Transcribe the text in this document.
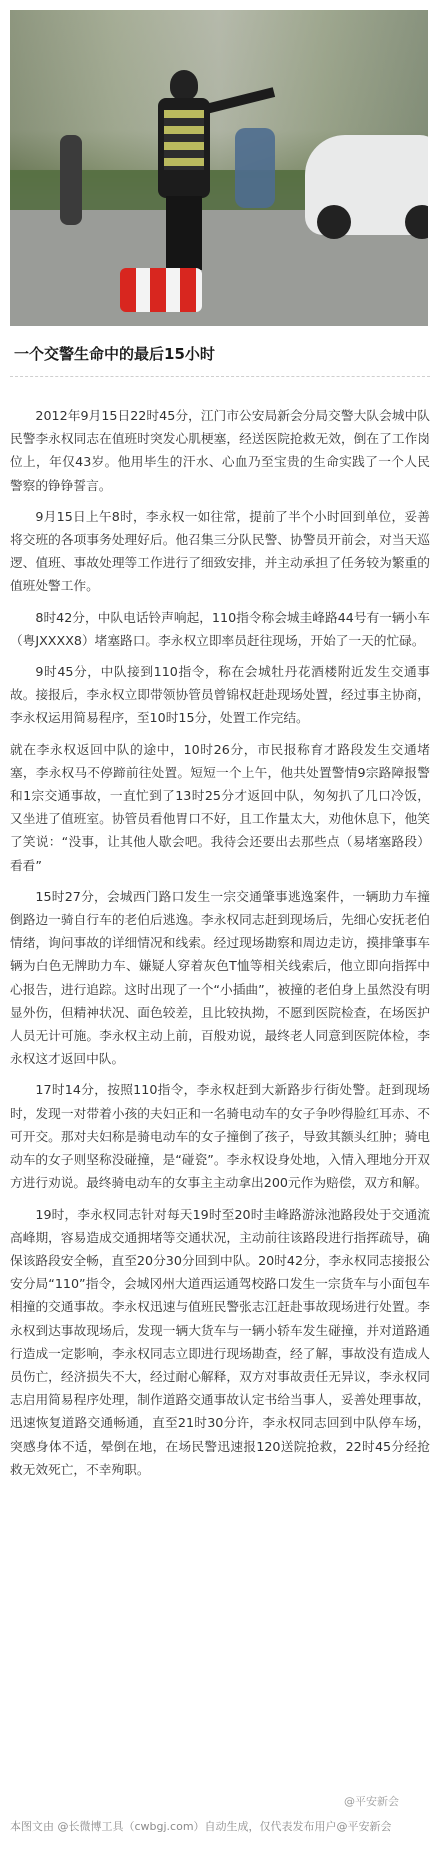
一个交警生命中的最后15小时

2012年9月15日22时45分，江门市公安局新会分局交警大队会城中队民警李永权同志在值班时突发心肌梗塞，经送医院抢救无效，倒在了工作岗位上，年仅43岁。他用毕生的汗水、心血乃至宝贵的生命实践了一个人民警察的铮铮誓言。

9月15日上午8时，李永权一如往常，提前了半个小时回到单位，妥善将交班的各项事务处理好后。他召集三分队民警、协警员开前会，对当天巡逻、值班、事故处理等工作进行了细致安排，并主动承担了任务较为繁重的值班处警工作。

8时42分，中队电话铃声响起，110指令称会城圭峰路44号有一辆小车（粤JXXXX8）堵塞路口。李永权立即率员赶往现场，开始了一天的忙碌。

9时45分，中队接到110指令，称在会城牡丹花酒楼附近发生交通事故。接报后，李永权立即带领协管员曾锦权赶赴现场处置，经过事主协商，李永权运用简易程序，至10时15分，处置工作完结。

就在李永权返回中队的途中，10时26分，市民报称育才路段发生交通堵塞，李永权马不停蹄前往处置。短短一个上午，他共处置警情9宗路障报警和1宗交通事故，一直忙到了13时25分才返回中队，匆匆扒了几口冷饭，又坐进了值班室。协管员看他胃口不好，且工作量太大，劝他休息下，他笑了笑说：“没事，让其他人歇会吧。我待会还要出去那些点（易堵塞路段）看看”

15时27分，会城西门路口发生一宗交通肇事逃逸案件，一辆助力车撞倒路边一骑自行车的老伯后逃逸。李永权同志赶到现场后，先细心安抚老伯情绪，询问事故的详细情况和线索。经过现场勘察和周边走访，摸排肇事车辆为白色无牌助力车、嫌疑人穿着灰色T恤等相关线索后，他立即向指挥中心报告，进行追踪。这时出现了一个“小插曲”，被撞的老伯身上虽然没有明显外伤，但精神状况、面色较差，且比较执拗，不愿到医院检查，在场医护人员无计可施。李永权主动上前，百般劝说，最终老人同意到医院体检，李永权这才返回中队。

17时14分，按照110指令，李永权赶到大新路步行街处警。赶到现场时，发现一对带着小孩的夫妇正和一名骑电动车的女子争吵得脸红耳赤、不可开交。那对夫妇称是骑电动车的女子撞倒了孩子，导致其额头红肿；骑电动车的女子则坚称没碰撞，是“碰瓷”。李永权设身处地，入情入理地分开双方进行劝说。最终骑电动车的女事主主动拿出200元作为赔偿，双方和解。

19时，李永权同志针对每天19时至20时圭峰路游泳池路段处于交通流高峰期，容易造成交通拥堵等交通状况，主动前往该路段进行指挥疏导，确保该路段安全畅，直至20分30分回到中队。20时42分，李永权同志接报公安分局“110”指令，会城冈州大道西运通驾校路口发生一宗货车与小面包车相撞的交通事故。李永权迅速与值班民警张志江赶赴事故现场进行处置。李永权到达事故现场后，发现一辆大货车与一辆小轿车发生碰撞，并对道路通行造成一定影响，李永权同志立即进行现场勘查，经了解，事故没有造成人员伤亡，经济损失不大，经过耐心解释，双方对事故责任无异议，李永权同志启用简易程序处理，制作道路交通事故认定书给当事人，妥善处理事故，迅速恢复道路交通畅通，直至21时30分许，李永权同志回到中队停车场，突感身体不适，晕倒在地，在场民警迅速报120送院抢救，22时45分经抢救无效死亡，不幸殉职。

@平安新会
本图文由 @长微博工具（cwbgj.com）自动生成，仅代表发布用户@平安新会
